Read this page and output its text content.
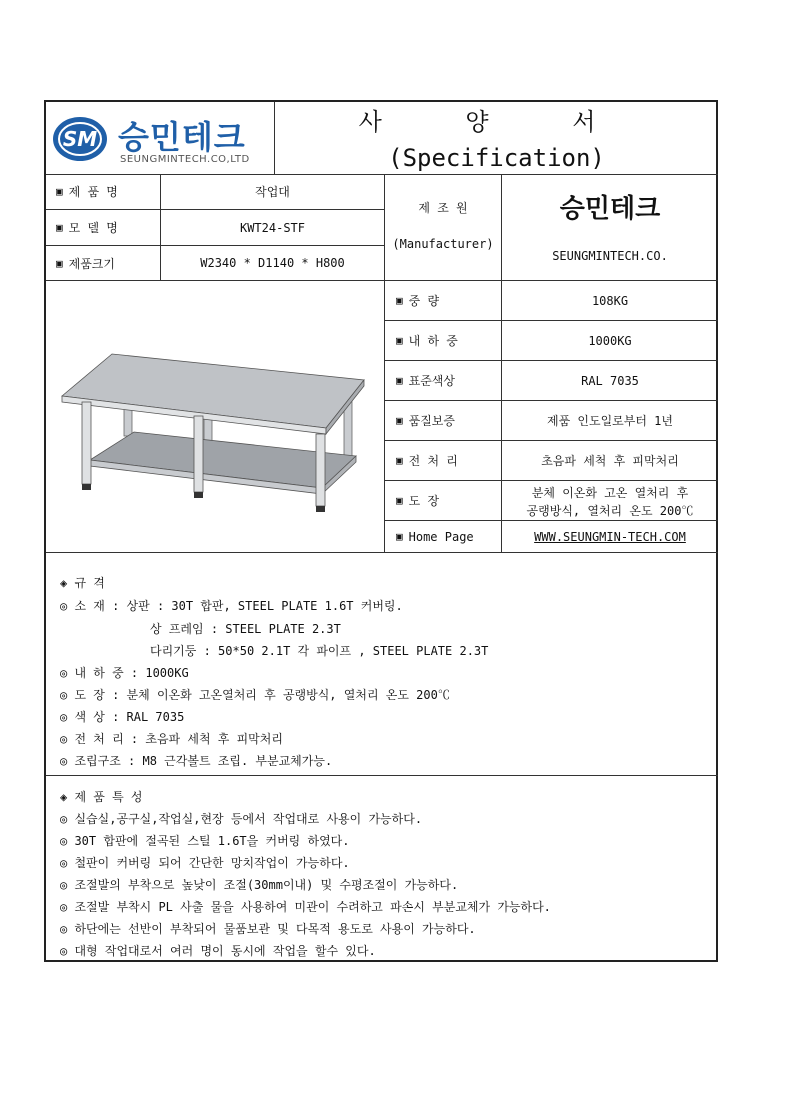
SM 승민테크
SEUNGMINTECH.CO,LTD
사 양 서
(Specification)
▣ 제 품 명	작업대
▣ 모 델 명	KWT24-STF
▣ 제품크기	W2340 * D1140 * H800
제 조 원
(Manufacturer)
승민테크
SEUNGMINTECH.CO.
▣ 중 량	108KG
▣ 내 하 중	1000KG
▣ 표준색상	RAL 7035
▣ 품질보증	제품 인도일로부터 1년
▣ 전 처 리	초음파 세척 후 피막처리
▣ 도 장
분체 이온화 고온 열처리 후
공랭방식, 열처리 온도 200℃
▣ Home Page	WWW.SEUNGMIN-TECH.COM
◈ 규 격
◎ 소 재 : 상판 : 30T 합판, STEEL PLATE 1.6T 커버링.
상 프레임 : STEEL PLATE 2.3T
다리기둥 : 50*50 2.1T 각 파이프 , STEEL PLATE 2.3T
◎ 내 하 중 : 1000KG
◎ 도 장 : 분체 이온화 고온열처리 후 공랭방식, 열처리 온도 200℃
◎ 색 상 : RAL 7035
◎ 전 처 리 : 초음파 세척 후 피막처리
◎ 조립구조 : M8 근각볼트 조립. 부분교체가능.
◈ 제 품 특 성
◎ 실습실,공구실,작업실,현장 등에서 작업대로 사용이 가능하다.
◎ 30T 합판에 절곡된 스틸 1.6T을 커버링 하였다.
◎ 철판이 커버링 되어 간단한 망치작업이 가능하다.
◎ 조절발의 부착으로 높낮이 조절(30mm이내) 및 수평조절이 가능하다.
◎ 조절발 부착시 PL 사출 물을 사용하여 미관이 수려하고 파손시 부분교체가 가능하다.
◎ 하단에는 선반이 부착되어 물품보관 및 다목적 용도로 사용이 가능하다.
◎ 대형 작업대로서 여러 명이 동시에 작업을 할수 있다.
